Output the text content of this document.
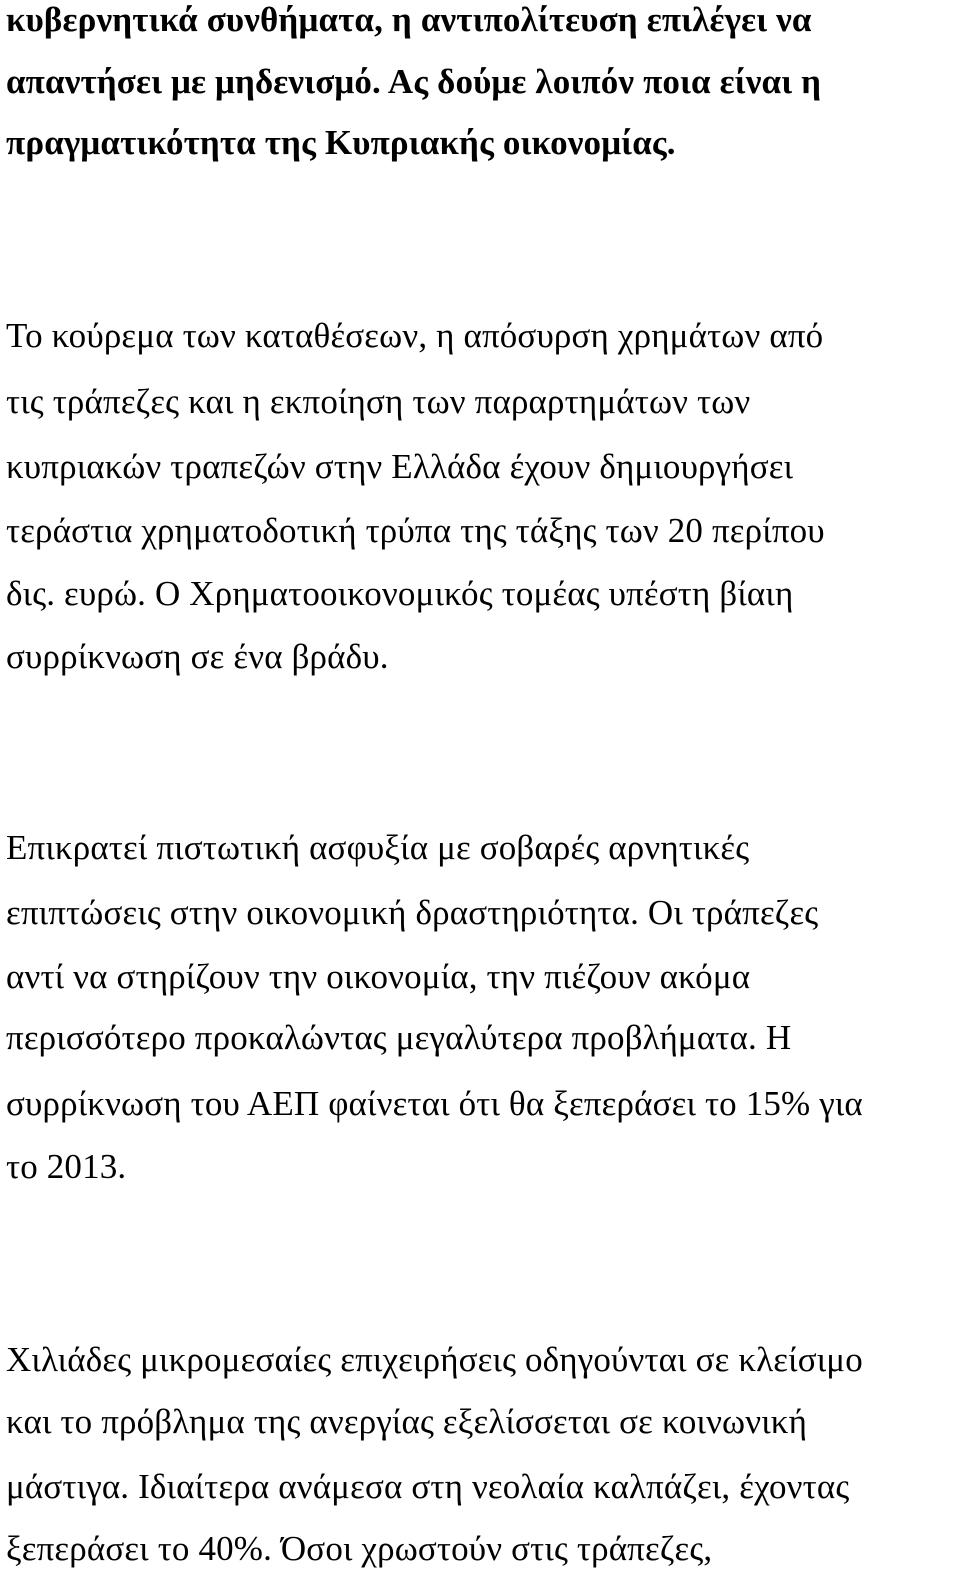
κυβερνητικά συνθήματα, η αντιπολίτευση επιλέγει να

απαντήσει με μηδενισμό. Ας δούμε λοιπόν ποια είναι η

πραγματικότητα της Κυπριακής οικονομίας.

Το κούρεμα των καταθέσεων, η απόσυρση χρημάτων από

τις τράπεζες και η εκποίηση των παραρτημάτων των

κυπριακών τραπεζών στην Ελλάδα έχουν δημιουργήσει

τεράστια χρηματοδοτική τρύπα της τάξης των 20 περίπου

δις. ευρώ. Ο Χρηματοοικονομικός τομέας υπέστη βίαιη

συρρίκνωση σε ένα βράδυ.

Επικρατεί πιστωτική ασφυξία με σοβαρές αρνητικές

επιπτώσεις στην οικονομική δραστηριότητα. Οι τράπεζες

αντί να στηρίζουν την οικονομία, την πιέζουν ακόμα

περισσότερο προκαλώντας μεγαλύτερα προβλήματα. Η

συρρίκνωση του ΑΕΠ φαίνεται ότι θα ξεπεράσει το 15% για

το 2013.

Χιλιάδες μικρομεσαίες επιχειρήσεις οδηγούνται σε κλείσιμο

και το πρόβλημα της ανεργίας εξελίσσεται σε κοινωνική

μάστιγα. Ιδιαίτερα ανάμεσα στη νεολαία καλπάζει, έχοντας

ξεπεράσει το 40%. Όσοι χρωστούν στις τράπεζες,
